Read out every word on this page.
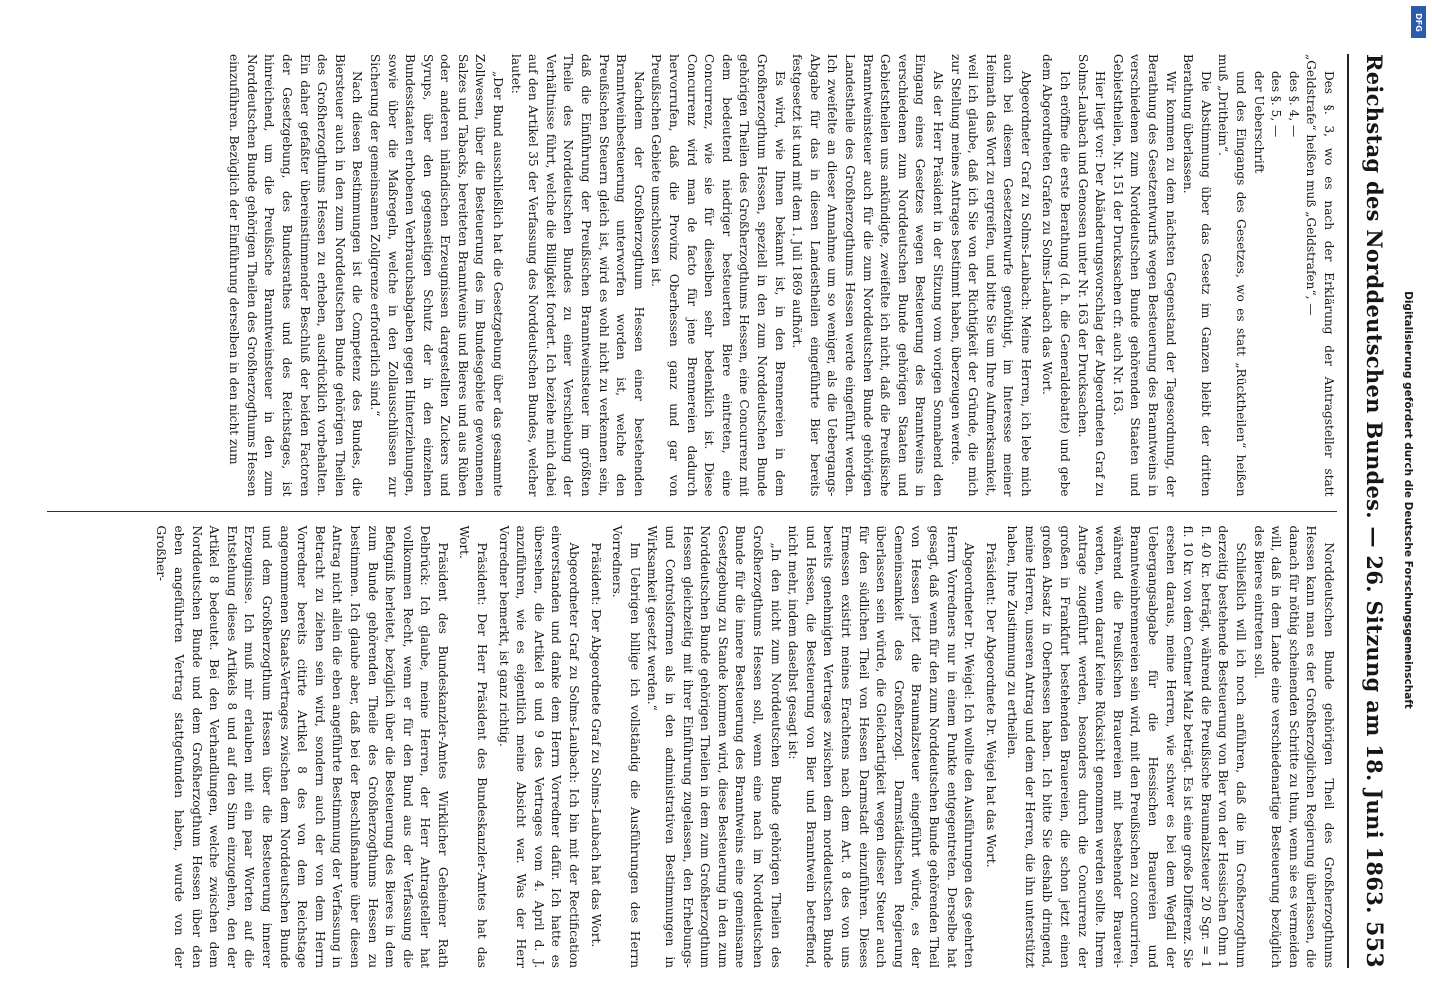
Reichstag des Norddeutschen Bundes. — 26. Sitzung am 18. Juni 1863.
553

Des §. 3, wo es nach der Erklärung der Antragsteller statt „Geldstrafe“ heißen muß „Geldstrafen“, —

des §. 4, —

des §. 5, —

der Ueberschrift

und des Eingangs des Gesetzes, wo es statt „Rücktheilen“ heißen muß „Dritheim“.

Die Abstimmung über das Gesetz im Ganzen bleibt der dritten Berathung überlassen.

Wir kommen zu dem nächsten Gegenstand der Tagesordnung, der Berathung des Gesetzentwurfs wegen Besteuerung des Branntweins in verschiedenen zum Norddeutschen Bunde gehörenden Staaten und Gebietstheilen, Nr. 151 der Drucksachen cfr. auch Nr. 163.

Hier liegt vor: Der Abänderungsvorschlag der Abgeordneten Graf zu Solms-Laubach und Genossen unter Nr. 163 der Drucksachen.

Ich eröffne die erste Berathung (d. h. die Generaldebatte) und gebe dem Abgeordneten Grafen zu Solms-Laubach das Wort.

Abgeordneter Graf zu Solms-Laubach: Meine Herren, ich lebe mich auch bei diesem Gesetzentwurfe genöthigt, im Interesse meiner Heimath das Wort zu ergreifen, und bitte Sie um Ihre Aufmerksamkeit, weil ich glaube, daß ich Sie von der Richtigkeit der Gründe, die mich zur Stellung meines Antrages bestimmt haben, überzeugen werde.

Als der Herr Präsident in der Sitzung vom vorigen Sonnabend den Eingang eines Gesetzes wegen Besteuerung des Branntweins in verschiedenen zum Norddeutschen Bunde gehörigen Staaten und Gebietstheilen uns ankündigte, zweifelte ich nicht, daß die Preußische Branntweinsteuer auch für die zum Norddeutschen Bunde gehörigen Landestheile des Großherzogthums Hessen werde eingeführt werden. Ich zweifelte an dieser Annahme um so weniger, als die Uebergangs-Abgabe für das in diesen Landestheilen eingeführte Bier bereits festgesetzt ist und mit dem 1. Juli 1869 aufhört.

Es wird, wie Ihnen bekannt ist, in den Brennereien in dem Großherzogthum Hessen, speziell in den zum Norddeutschen Bunde gehörigen Theilen des Großherzogthums Hessen, eine Concurrenz mit dem bedeutend niedriger besteuerten Biere eintreten, eine Concurrenz, wie sie für dieselben sehr bedenklich ist. Diese Concurrenz wird man de facto für jene Brennereien dadurch hervorrufen, daß die Provinz Oberhessen ganz und gar von Preußischen Gebiete umschlossen ist.

Nachdem der Großherzogthum Hessen einer bestehenden Branntweinbesteuerung unterworfen worden ist, welche den Preußischen Steuern gleich ist, wird es wohl nicht zu verkennen sein, daß die Einführung der Preußischen Branntweinsteuer im größten Theile des Norddeutschen Bundes zu einer Verschiebung der Verhältnisse führt, welche die Billigkeit fordert. Ich beziehe mich dabei auf den Artikel 35 der Verfassung des Norddeutschen Bundes, welcher lautet:

„Der Bund ausschließlich hat die Gesetzgebung über das gesammte Zollwesen, über die Besteuerung des im Bundesgebiete gewonnenen Salzes und Tabacks, bereiteten Branntweins und Bieres und aus Rüben oder anderen inländischen Erzeugnissen dargestellten Zuckers und Syrups, über den gegenseitigen Schutz der in den einzelnen Bundesstaaten erhobenen Verbrauchsabgaben gegen Hinterziehungen, sowie über die Maßregeln, welche in den Zollausschlüssen zur Sicherung der gemeinsamen Zollgrenze erforderlich sind.“

Nach diesen Bestimmungen ist die Competenz des Bundes, die Biersteuer auch in den zum Norddeutschen Bunde gehörigen Theilen des Großherzogthums Hessen zu erheben, ausdrücklich vorbehalten. Ein daher gefaßter übereinstimmender Beschluß der beiden Factoren der Gesetzgebung, des Bundesrathes und des Reichstages, ist hinreichend, um die Preußische Branntweinsteuer in den zum Norddeutschen Bunde gehörigen Theilen des Großherzogthums Hessen einzuführen. Bezüglich der Einführung derselben in den nicht zum

Norddeutschen Bunde gehörigen Theil des Großherzogthums Hessen kann man es der Großherzoglichen Regierung überlassen, die danach für nöthig scheinenden Schritte zu thun, wenn sie es vermeiden will, daß in dem Lande eine verschiedenartige Besteuerung bezüglich des Bieres eintreten soll.

Schließlich will ich noch anführen, daß die im Großherzogthum derzeitig bestehende Besteuerung von Bier von der Hessischen Ohm 1 fl. 40 kr. beträgt, während die Preußische Braumalzsteuer 20 Sgr. = 1 fl. 10 kr. von dem Centner Malz beträgt. Es ist eine große Differenz. Sie ersehen daraus, meine Herren, wie schwer es bei dem Wegfall der Uebergangsabgabe für die Hessischen Brauereien und Branntweinbrennereien sein wird, mit den Preußischen zu concurriren, während die Preußischen Brauereien mit bestehender Brauerei- werden, wenn darauf keine Rücksicht genommen werden sollte. Ihrem Antrage zugeführt werden, besonders durch die Concurrenz der großen in Frankfurt bestehenden Brauereien, die schon jetzt einen großen Absatz in Oberhessen haben. Ich bitte Sie deshalb dringend, meine Herren, unseren Antrag und dem der Herren, die ihn unterstützt haben, Ihre Zustimmung zu ertheilen.

Präsident: Der Abgeordnete Dr. Weigel hat das Wort.

Abgeordneter Dr. Weigel: Ich wollte den Ausführungen des geehrten Herrn Vorredners nur in einem Punkte entgegentreten. Derselbe hat gesagt, daß wenn für den zum Norddeutschen Bunde gehörenden Theil von Hessen jetzt die Braumalzsteuer eingeführt würde, es der Gemeinsamkeit des Großherzogl. Darmstädtischen Regierung überlassen sein würde, die Gleichartigkeit wegen dieser Steuer auch für den südlichen Theil von Hessen Darmstadt einzuführen. Dieses Ermessen existirt meines Erachtens nach dem Art. 8 des von uns bereits genehmigten Vertrages zwischen dem norddeutschen Bunde und Hessen, die Besteuerung von Bier und Branntwein betreffend, nicht mehr, indem daselbst gesagt ist:

„In den nicht zum Norddeutschen Bunde gehörigen Theilen des Großherzogthums Hessen soll, wenn eine nach im Norddeutschen Bunde für die innere Besteuerung des Branntweins eine gemeinsame Gesetzgebung zu Stande kommen wird, diese Besteuerung in den zum Norddeutschen Bunde gehörigen Theilen in dem zum Großherzogthum Hessen gleichzeitig mit ihrer Einführung zugelassen, den Erhebungs- und Controlsformen als in den administrativen Bestimmungen in Wirksamkeit gesetzt werden.“

Im Uebrigen billige ich vollständig die Ausführungen des Herrn Vorredners.

Präsident: Der Abgeordnete Graf zu Solms-Laubach hat das Wort.

Abgeordneter Graf zu Solms-Laubach: Ich bin mit der Rectification einverstanden und danke dem Herrn Vorredner dafür. Ich hatte es übersehen, die Artikel 8 und 9 des Vertrages vom 4. April d. J. anzuführen, wie es eigentlich meine Absicht war. Was der Herr Vorredner bemerkt, ist ganz richtig.

Präsident: Der Herr Präsident des Bundeskanzler-Amtes hat das Wort.

Präsident des Bundeskanzler-Amtes Wirklicher Geheimer Rath Delbrück: Ich glaube, meine Herren, der Herr Antragsteller hat vollkommen Recht, wenn er für den Bund aus der Verfassung die Befugniß herleitet, bezüglich über die Besteuerung des Bieres in dem zum Bunde gehörenden Theile des Großherzogthums Hessen zu bestimmen. Ich glaube aber, daß bei der Beschlußnahme über diesen Antrag nicht allein die eben angeführte Bestimmung der Verfassung in Betracht zu ziehen sein wird, sondern auch der von dem Herrn Vorredner bereits citirte Artikel 8 des von dem Reichstage angenommenen Staats-Vertrages zwischen dem Norddeutschen Bunde und dem Großherzogthum Hessen über die Besteuerung innerer Erzeugnisse. Ich muß mir erlauben mit ein paar Worten auf die Entstehung dieses Artikels 8 und auf den Sinn einzugehen, den der Artikel 8 bedeutet. Bei den Verhandlungen, welche zwischen dem Norddeutschen Bunde und dem Großherzogthum Hessen über den eben angeführten Vertrag stattgefunden haben, wurde von der Großher-	Digitalisierung gefördert durch die Deutsche Forschungsgemeinschaft
DFG
